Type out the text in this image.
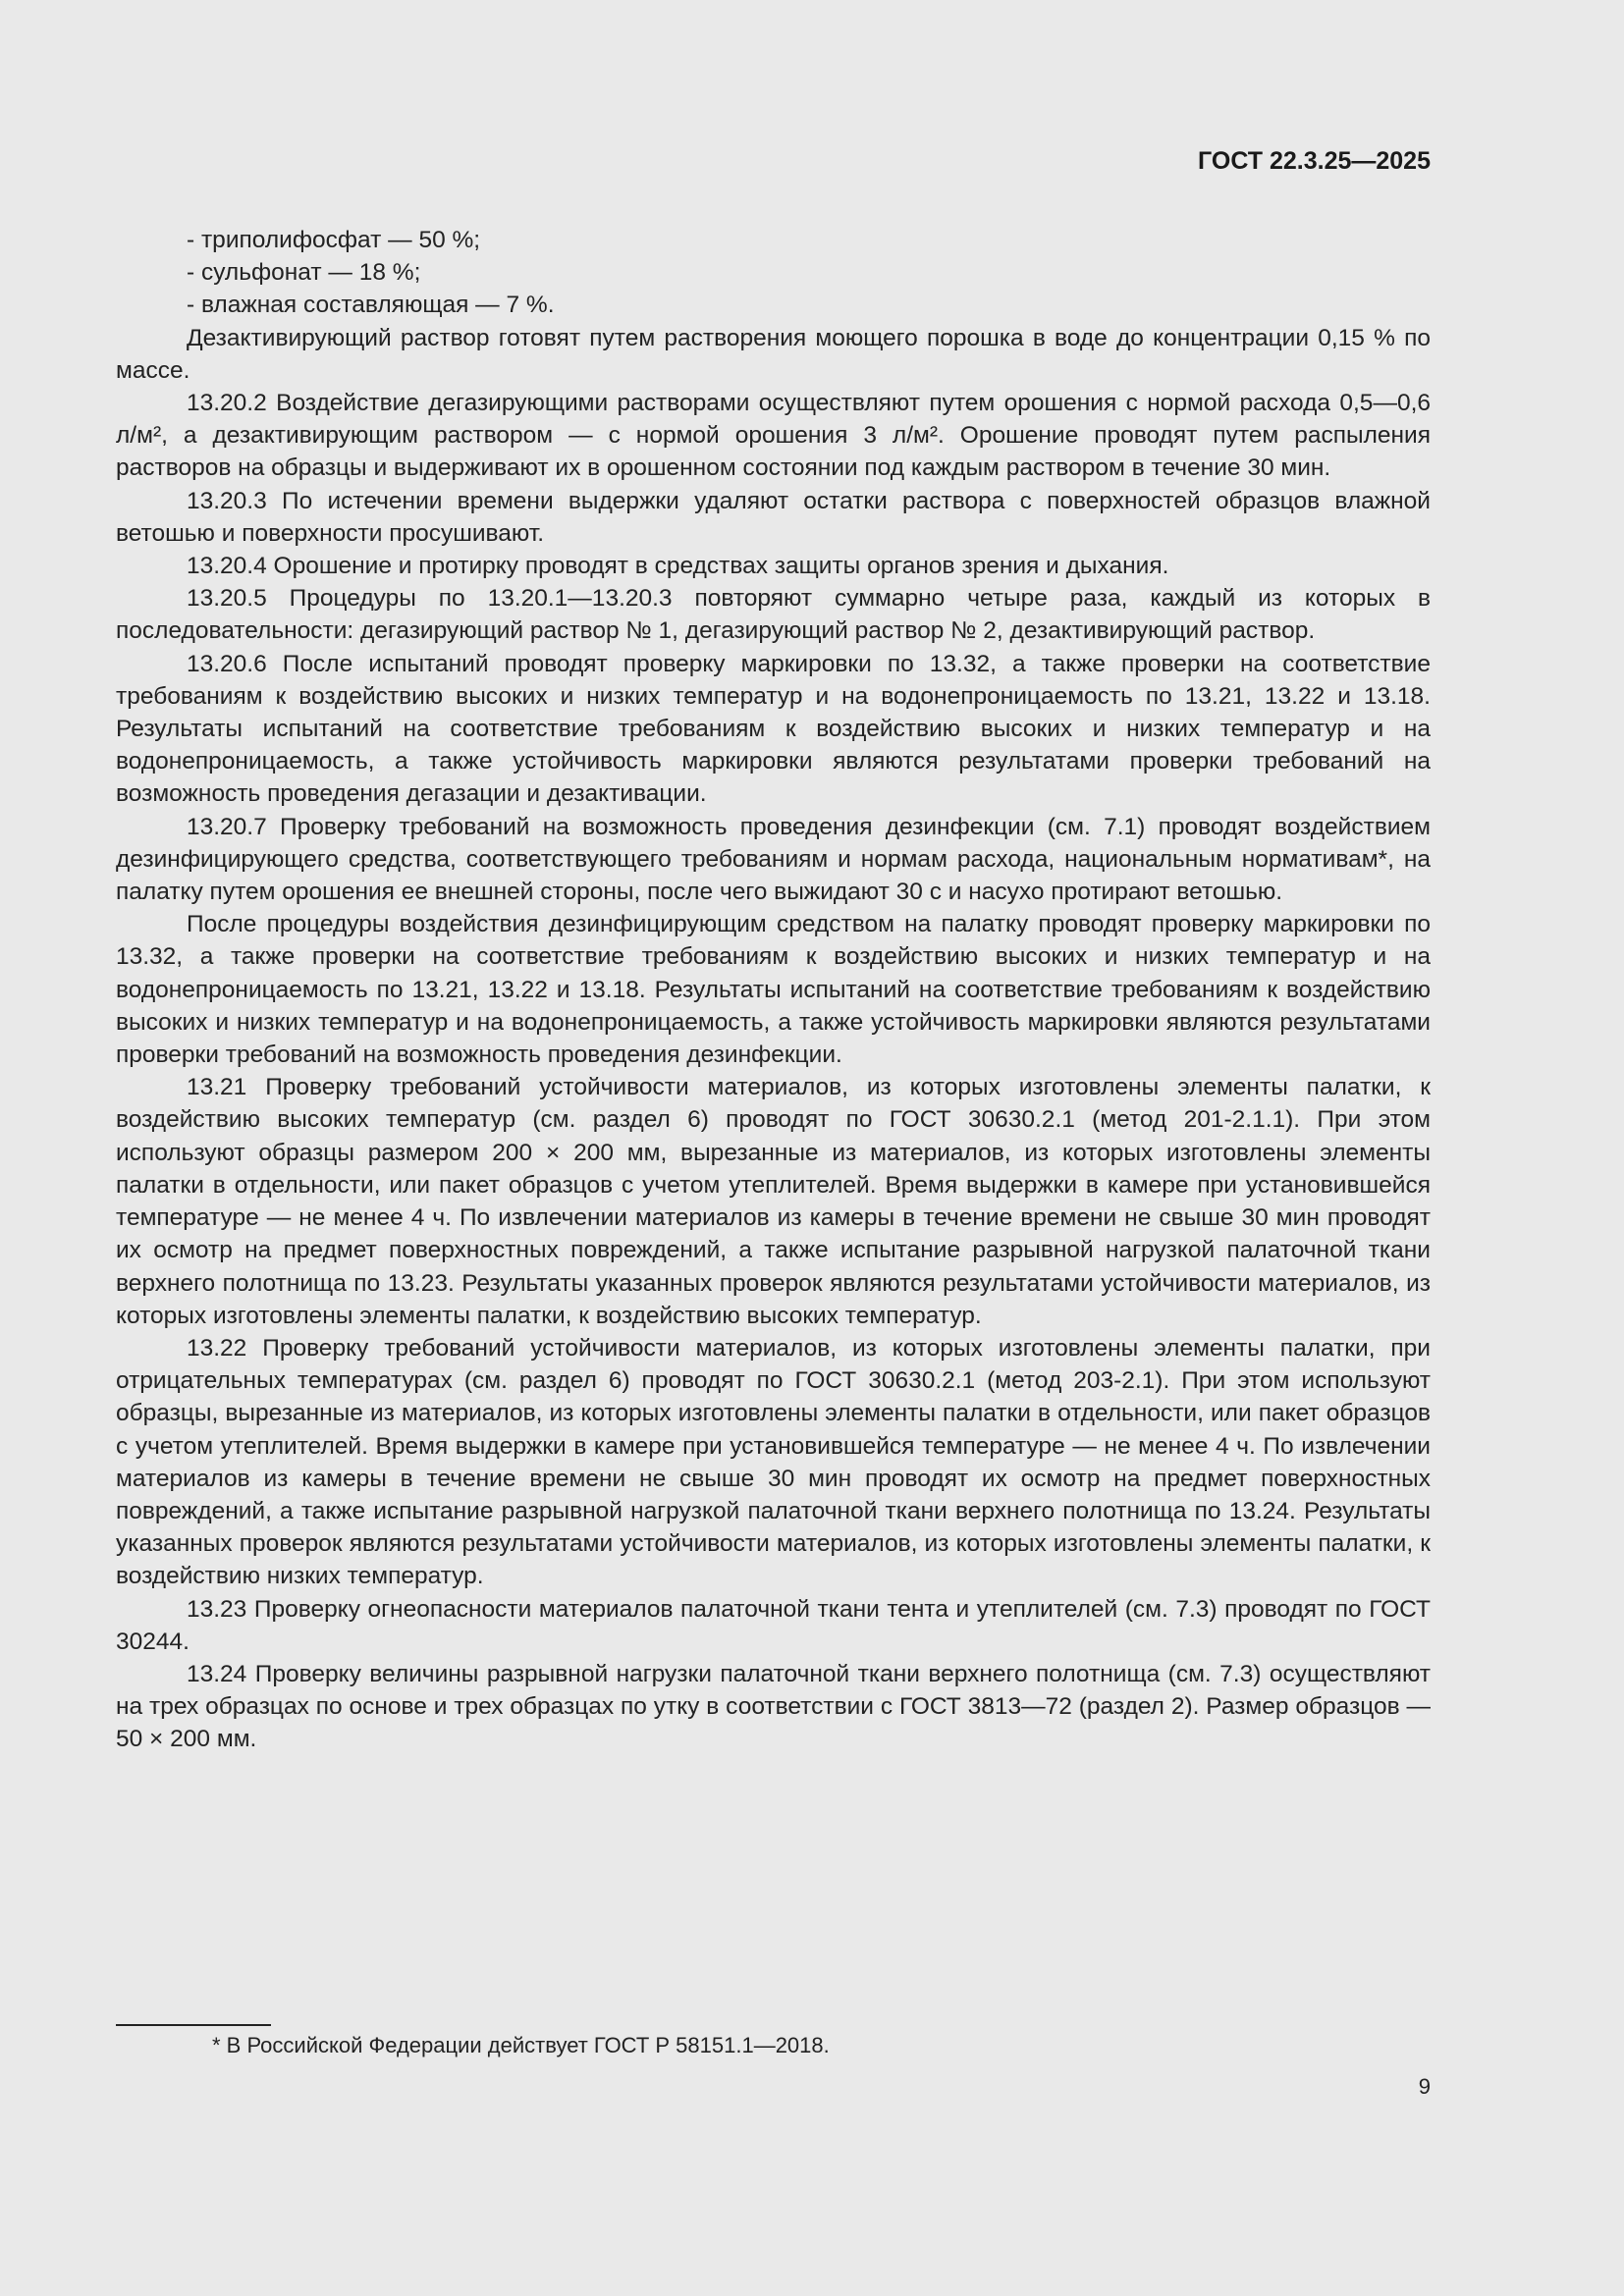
ГОСТ 22.3.25—2025

- триполифосфат — 50 %;

- сульфонат — 18 %;

- влажная составляющая — 7 %.

Дезактивирующий раствор готовят путем растворения моющего порошка в воде до концентрации 0,15 % по массе.

13.20.2 Воздействие дегазирующими растворами осуществляют путем орошения с нормой расхода 0,5—0,6 л/м², а дезактивирующим раствором — с нормой орошения 3 л/м². Орошение проводят путем распыления растворов на образцы и выдерживают их в орошенном состоянии под каждым раствором в течение 30 мин.

13.20.3 По истечении времени выдержки удаляют остатки раствора с поверхностей образцов влажной ветошью и поверхности просушивают.

13.20.4 Орошение и протирку проводят в средствах защиты органов зрения и дыхания.

13.20.5 Процедуры по 13.20.1—13.20.3 повторяют суммарно четыре раза, каждый из которых в последовательности: дегазирующий раствор № 1, дегазирующий раствор № 2, дезактивирующий раствор.

13.20.6 После испытаний проводят проверку маркировки по 13.32, а также проверки на соответствие требованиям к воздействию высоких и низких температур и на водонепроницаемость по 13.21, 13.22 и 13.18. Результаты испытаний на соответствие требованиям к воздействию высоких и низких температур и на водонепроницаемость, а также устойчивость маркировки являются результатами проверки требований на возможность проведения дегазации и дезактивации.

13.20.7 Проверку требований на возможность проведения дезинфекции (см. 7.1) проводят воздействием дезинфицирующего средства, соответствующего требованиям и нормам расхода, национальным нормативам*, на палатку путем орошения ее внешней стороны, после чего выжидают 30 с и насухо протирают ветошью.

После процедуры воздействия дезинфицирующим средством на палатку проводят проверку маркировки по 13.32, а также проверки на соответствие требованиям к воздействию высоких и низких температур и на водонепроницаемость по 13.21, 13.22 и 13.18. Результаты испытаний на соответствие требованиям к воздействию высоких и низких температур и на водонепроницаемость, а также устойчивость маркировки являются результатами проверки требований на возможность проведения дезинфекции.

13.21 Проверку требований устойчивости материалов, из которых изготовлены элементы палатки, к воздействию высоких температур (см. раздел 6) проводят по ГОСТ 30630.2.1 (метод 201-2.1.1). При этом используют образцы размером 200 × 200 мм, вырезанные из материалов, из которых изготовлены элементы палатки в отдельности, или пакет образцов с учетом утеплителей. Время выдержки в камере при установившейся температуре — не менее 4 ч. По извлечении материалов из камеры в течение времени не свыше 30 мин проводят их осмотр на предмет поверхностных повреждений, а также испытание разрывной нагрузкой палаточной ткани верхнего полотнища по 13.23. Результаты указанных проверок являются результатами устойчивости материалов, из которых изготовлены элементы палатки, к воздействию высоких температур.

13.22 Проверку требований устойчивости материалов, из которых изготовлены элементы палатки, при отрицательных температурах (см. раздел 6) проводят по ГОСТ 30630.2.1 (метод 203-2.1). При этом используют образцы, вырезанные из материалов, из которых изготовлены элементы палатки в отдельности, или пакет образцов с учетом утеплителей. Время выдержки в камере при установившейся температуре — не менее 4 ч. По извлечении материалов из камеры в течение времени не свыше 30 мин проводят их осмотр на предмет поверхностных повреждений, а также испытание разрывной нагрузкой палаточной ткани верхнего полотнища по 13.24. Результаты указанных проверок являются результатами устойчивости материалов, из которых изготовлены элементы палатки, к воздействию низких температур.

13.23 Проверку огнеопасности материалов палаточной ткани тента и утеплителей (см. 7.3) проводят по ГОСТ 30244.

13.24 Проверку величины разрывной нагрузки палаточной ткани верхнего полотнища (см. 7.3) осуществляют на трех образцах по основе и трех образцах по утку в соответствии с ГОСТ 3813—72 (раздел 2). Размер образцов — 50 × 200 мм.

* В Российской Федерации действует ГОСТ Р 58151.1—2018.

9
